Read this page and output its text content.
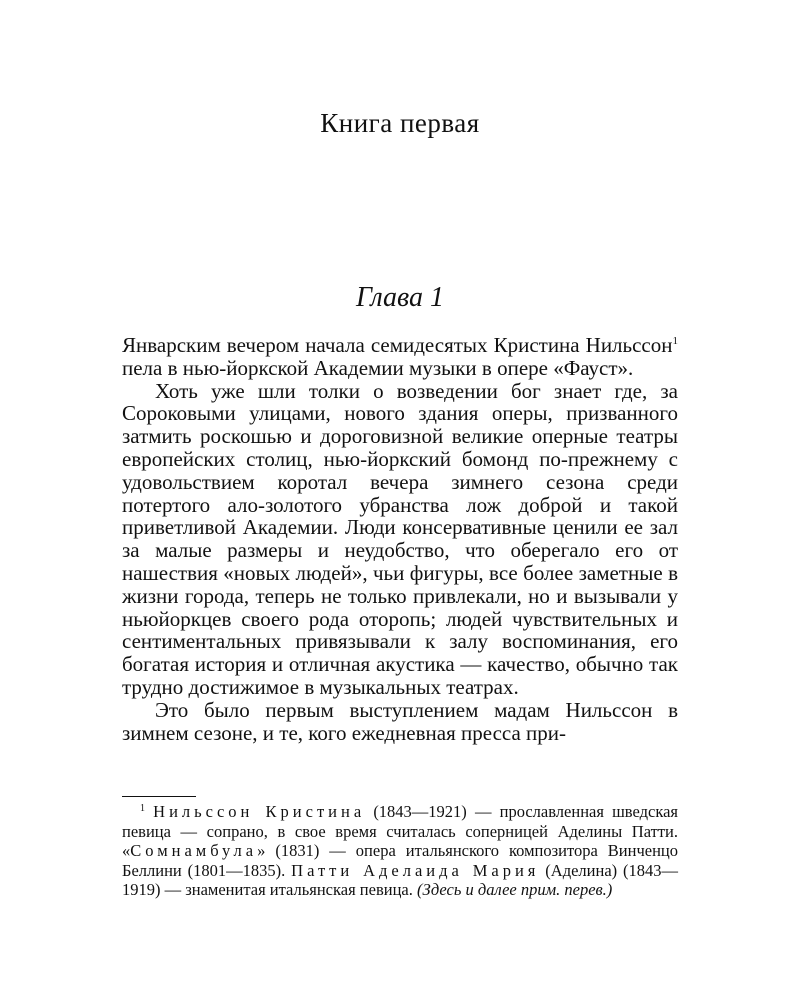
Книга первая
Глава 1

Январским вечером начала семидесятых Кристина Нильссон$^1$ пела в нью-йоркской Академии музыки в опере «Фауст».

Хоть уже шли толки о возведении бог знает где, за Сороковыми улицами, нового здания оперы, призванного затмить роскошью и дороговизной великие оперные театры европейских столиц, нью-йоркский бомонд по-прежнему с удовольствием коротал вечера зимнего сезона среди потертого ало-золотого убранства лож доброй и такой приветливой Академии. Люди консервативные ценили ее зал за малые размеры и неудобство, что оберегало его от нашествия «новых людей», чьи фигуры, все более заметные в жизни города, теперь не только привлекали, но и вызывали у ньюйоркцев своего рода оторопь; людей чувствительных и сентиментальных привязывали к залу воспоминания, его богатая история и отличная акустика — качество, обычно так трудно достижимое в музыкальных театрах.

Это было первым выступлением мадам Нильссон в зимнем сезоне, и те, кого ежедневная пресса при-

$^1$ Нильссон Кристина (1843—1921) — прославленная шведская певица — сопрано, в свое время считалась соперницей Аделины Патти. «Сомнамбула» (1831) — опера итальянского композитора Винченцо Беллини (1801—1835). Патти Аделаида Мария (Аделина) (1843—1919) — знаменитая итальянская певица. (Здесь и далее прим. перев.)
